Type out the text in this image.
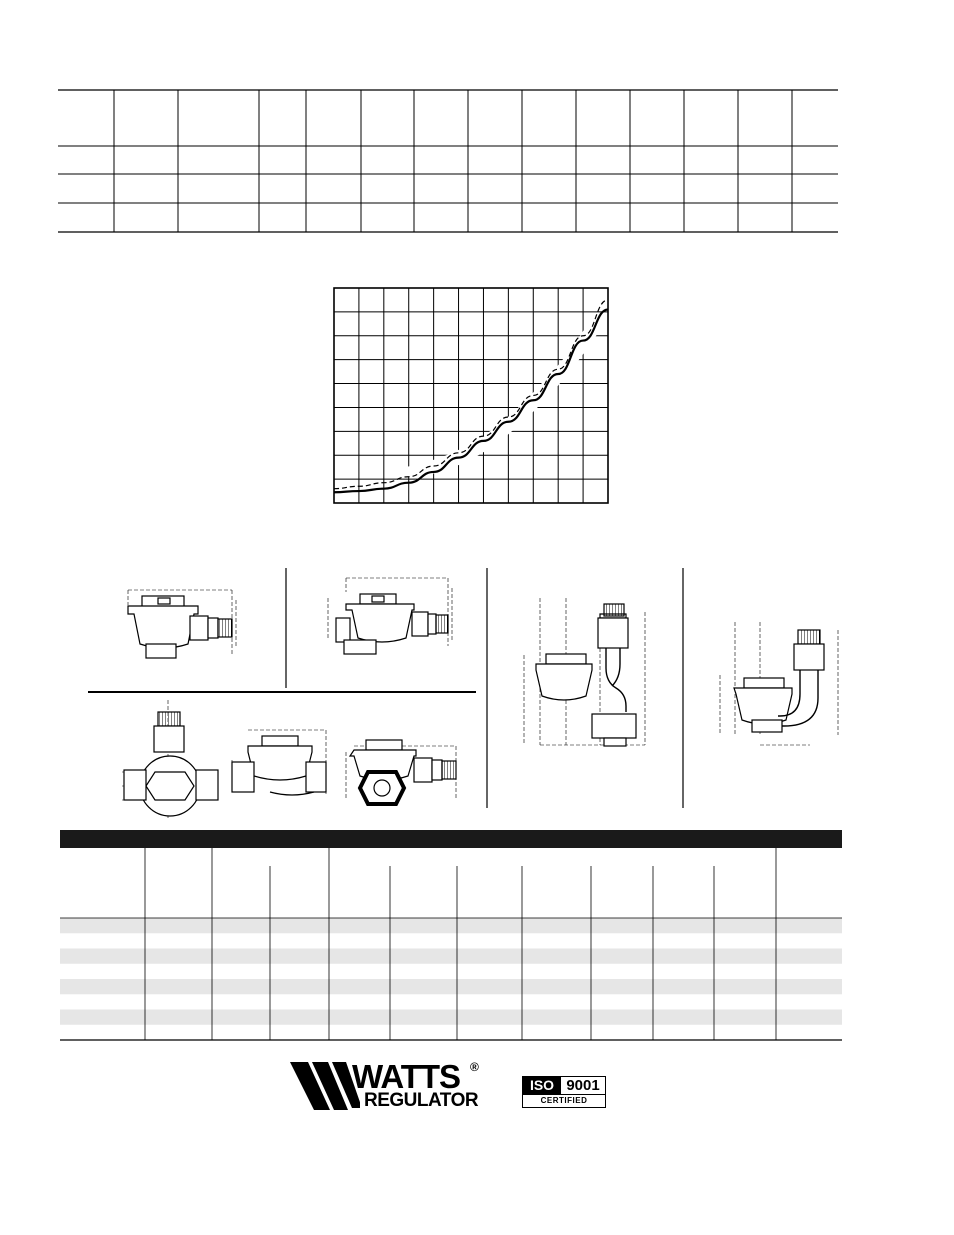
WATTS ®
REGULATOR
ISO 9001
CERTIFIED
